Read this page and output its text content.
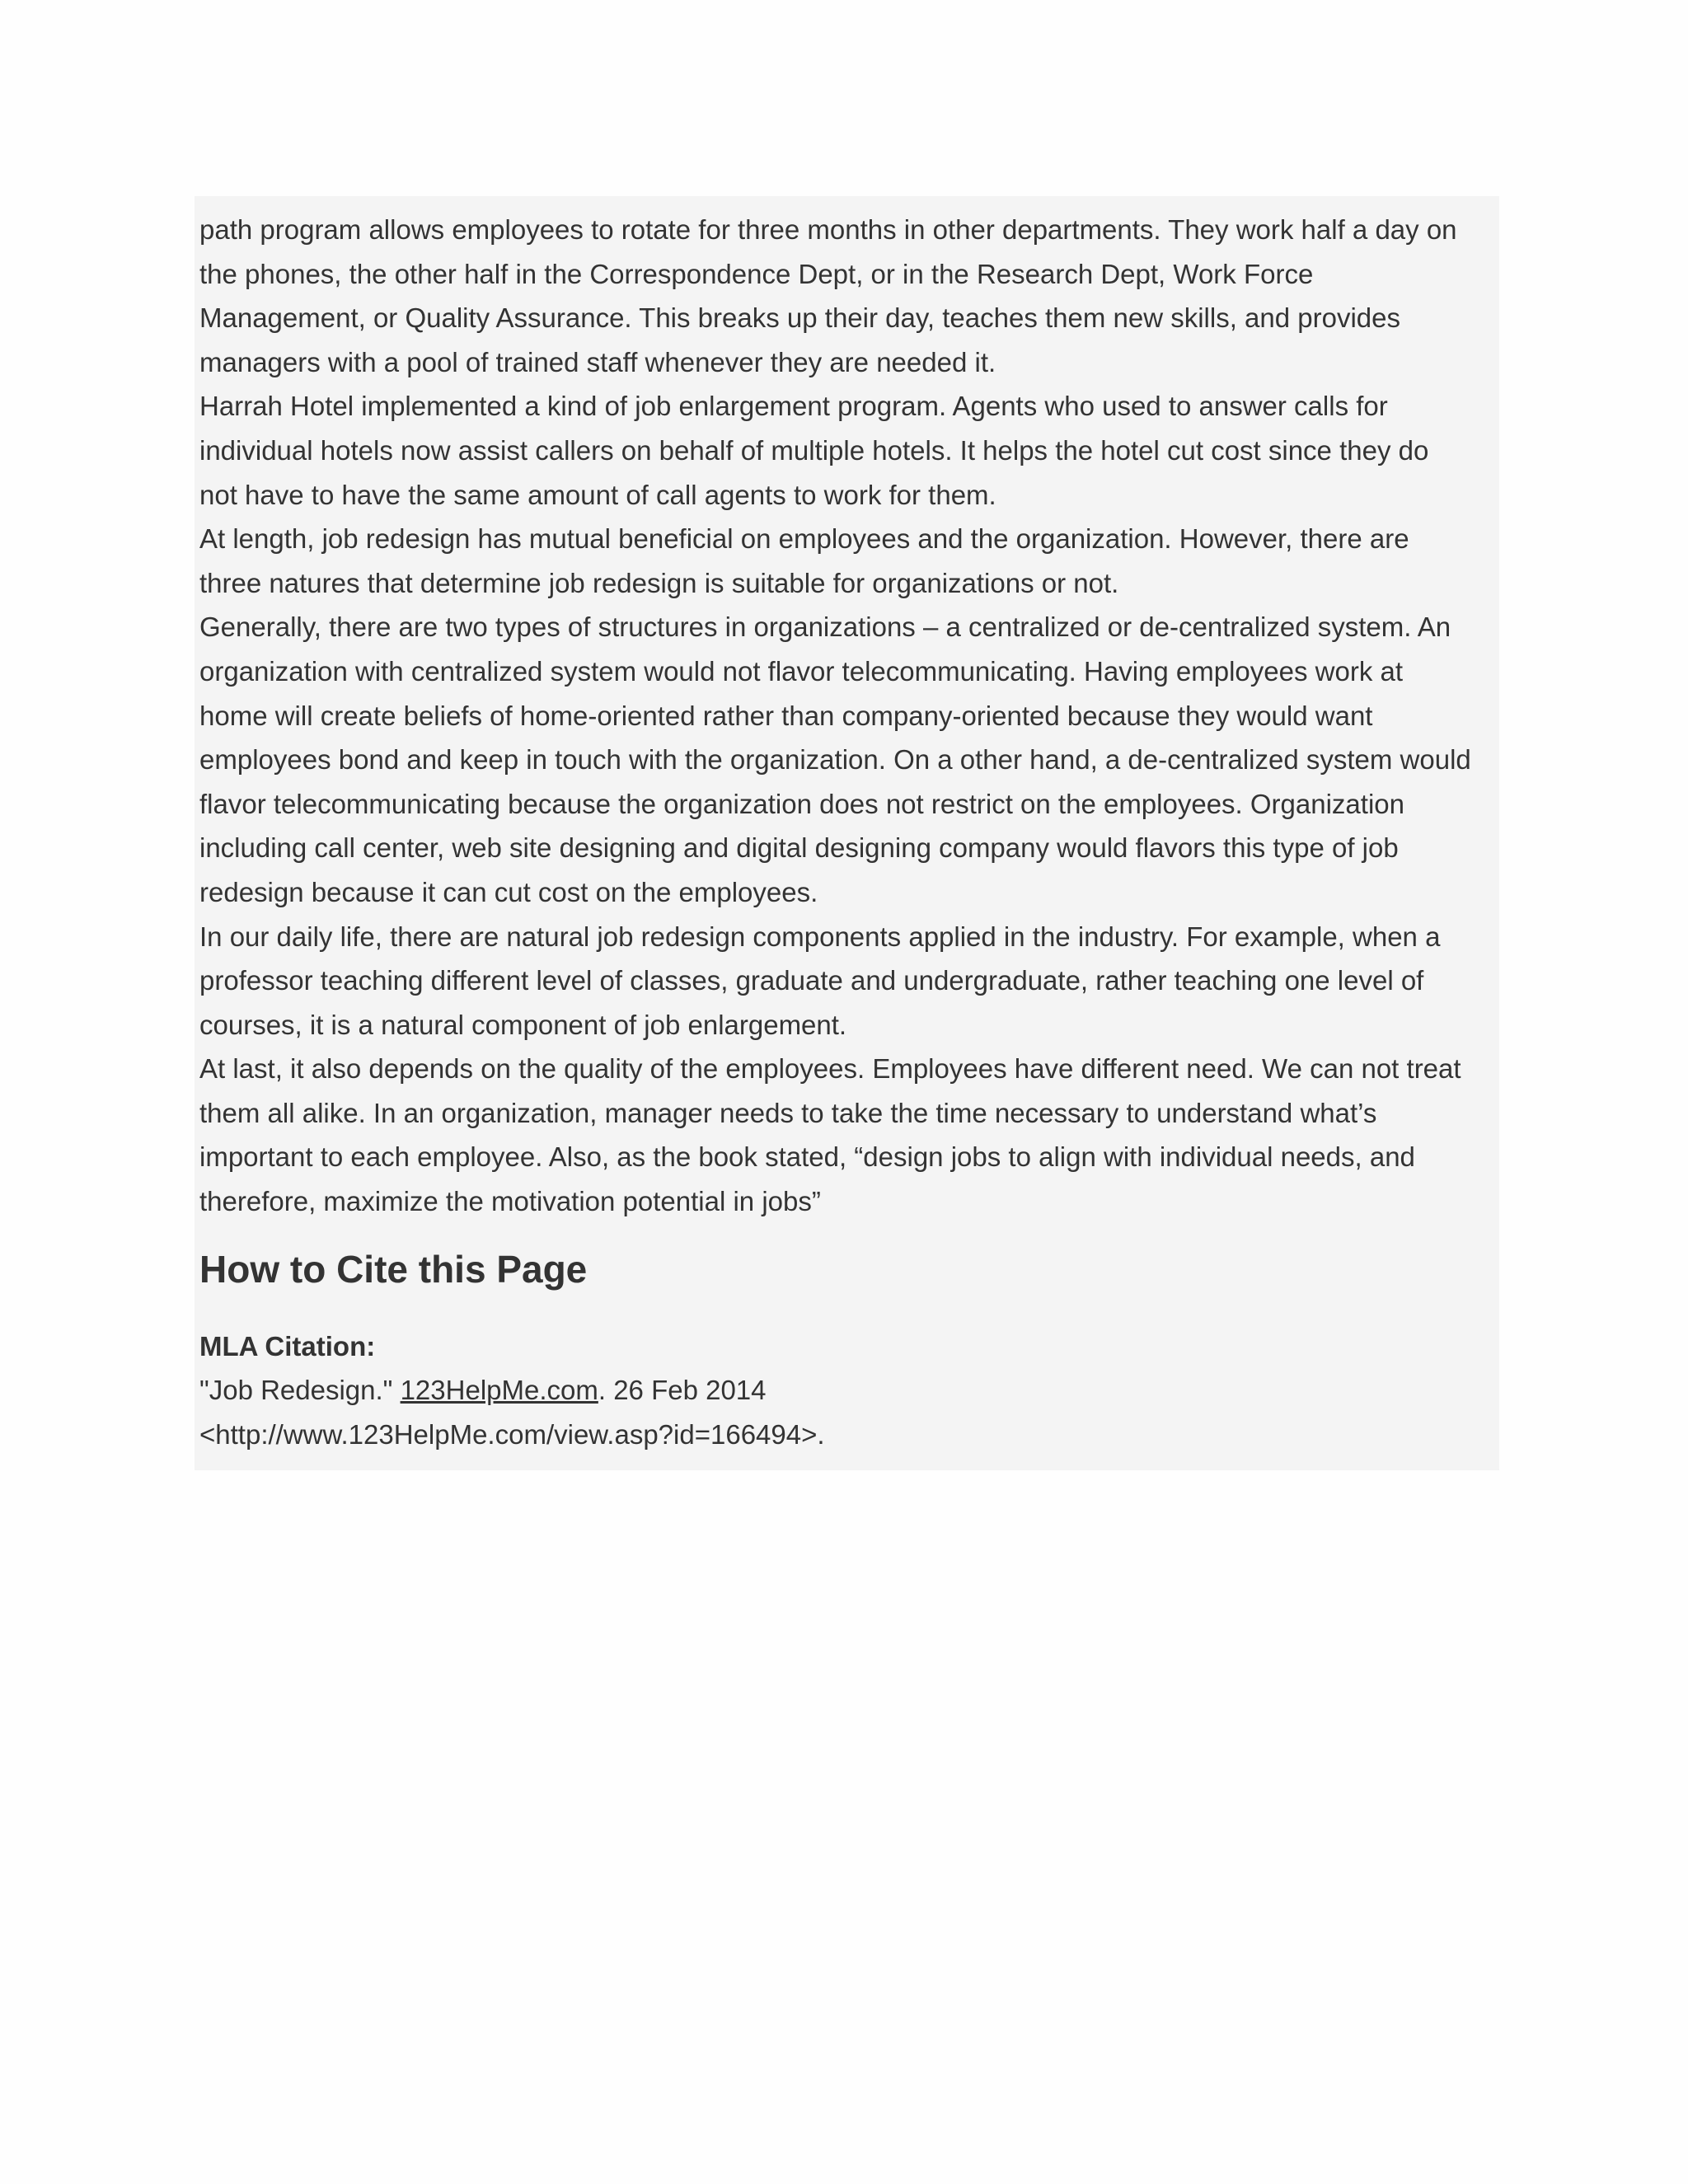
path program allows employees to rotate for three months in other departments. They work half a day on
the phones, the other half in the Correspondence Dept, or in the Research Dept, Work Force
Management, or Quality Assurance. This breaks up their day, teaches them new skills, and provides
managers with a pool of trained staff whenever they are needed it.

Harrah Hotel implemented a kind of job enlargement program. Agents who used to answer calls for
individual hotels now assist callers on behalf of multiple hotels. It helps the hotel cut cost since they do
not have to have the same amount of call agents to work for them.

At length, job redesign has mutual beneficial on employees and the organization. However, there are
three natures that determine job redesign is suitable for organizations or not.

Generally, there are two types of structures in organizations – a centralized or de-centralized system. An
organization with centralized system would not flavor telecommunicating. Having employees work at
home will create beliefs of home-oriented rather than company-oriented because they would want
employees bond and keep in touch with the organization. On a other hand, a de-centralized system would
flavor telecommunicating because the organization does not restrict on the employees. Organization
including call center, web site designing and digital designing company would flavors this type of job
redesign because it can cut cost on the employees.

In our daily life, there are natural job redesign components applied in the industry. For example, when a
professor teaching different level of classes, graduate and undergraduate, rather teaching one level of
courses, it is a natural component of job enlargement.

At last, it also depends on the quality of the employees. Employees have different need. We can not treat
them all alike. In an organization, manager needs to take the time necessary to understand what’s
important to each employee. Also, as the book stated, “design jobs to align with individual needs, and
therefore, maximize the motivation potential in jobs”

How to Cite this Page

MLA Citation:

"Job Redesign." 123HelpMe.com. 26 Feb 2014

<http://www.123HelpMe.com/view.asp?id=166494>.
